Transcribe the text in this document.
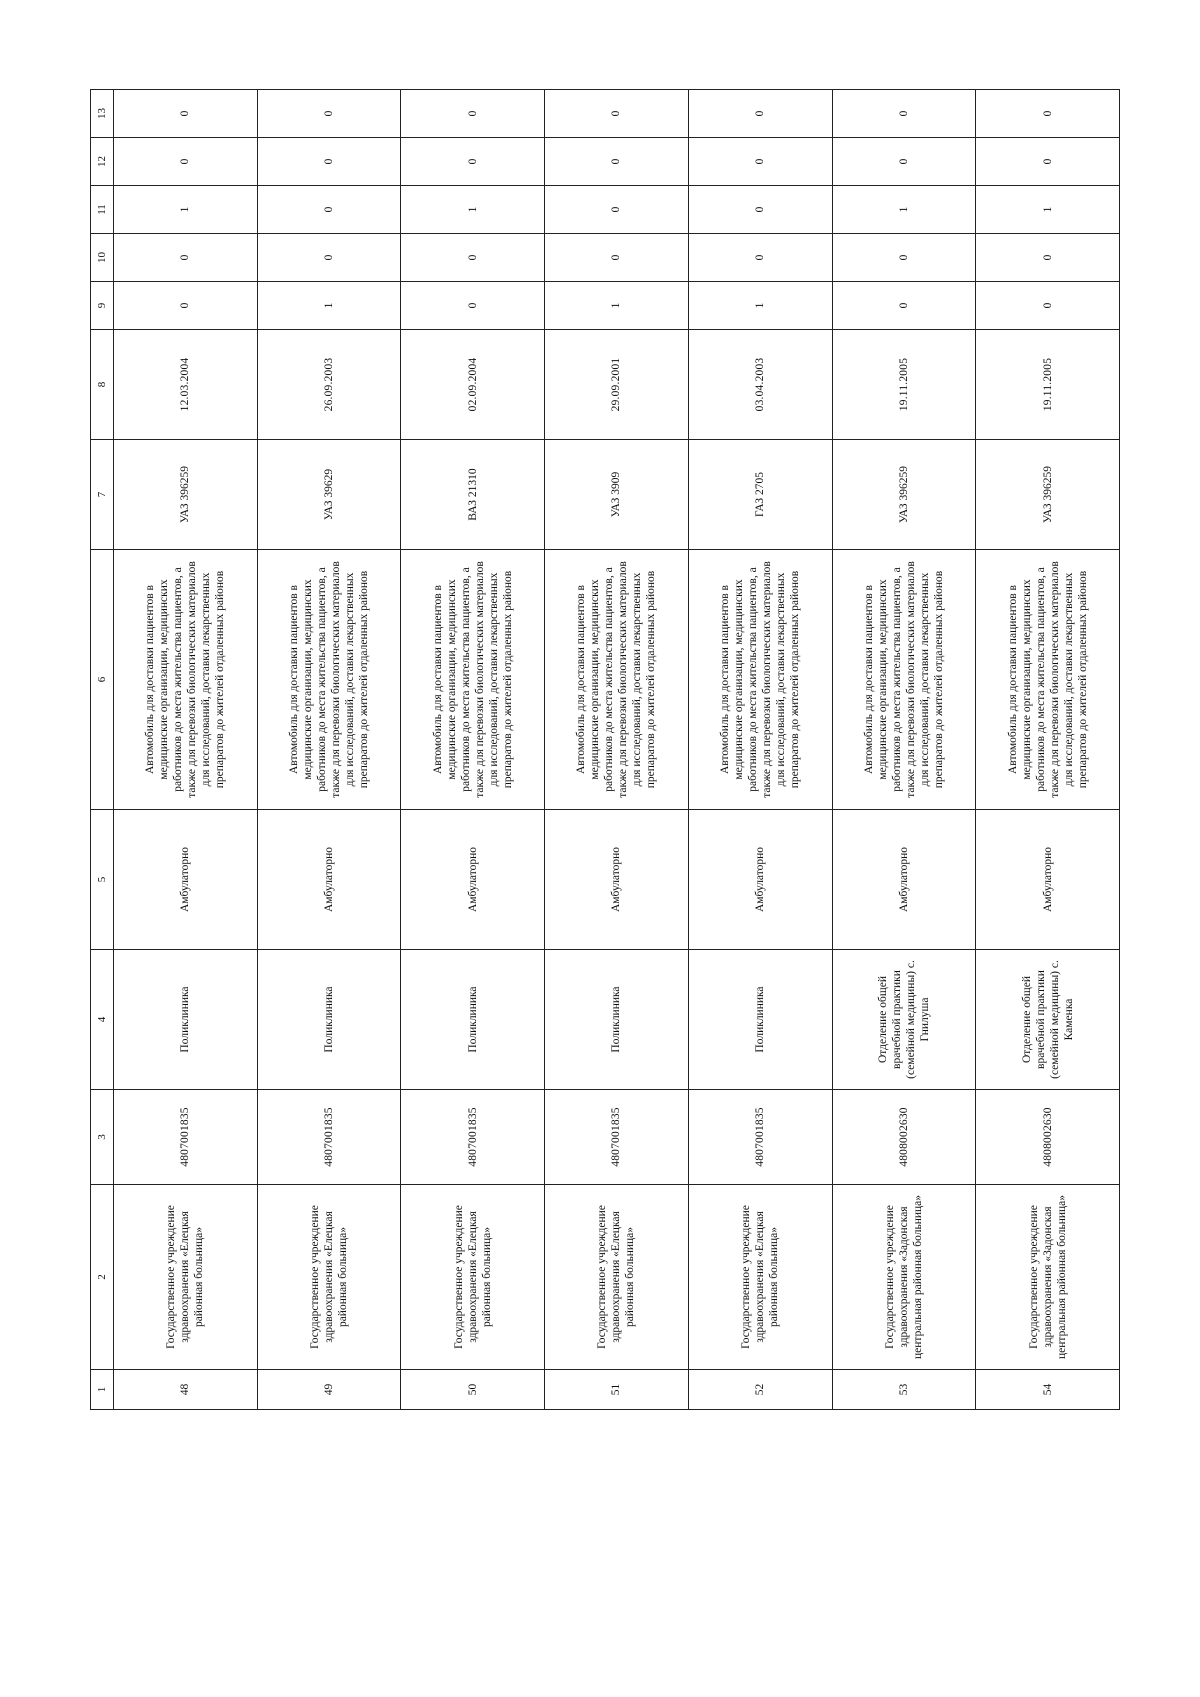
1	2	3	4	5	6	7	8	9	10	11	12	13
48	Государственное учреждение здравоохранения «Елецкая районная больница»	4807001835	Поликлиника	Амбулаторно	Автомобиль для доставки пациентов в медицинские организации, медицинских работников до места жительства пациентов, а также для перевозки биологических материалов для исследований, доставки лекарственных препаратов до жителей отдаленных районов	УАЗ 396259	12.03.2004	0	0	1	0	0
49	Государственное учреждение здравоохранения «Елецкая районная больница»	4807001835	Поликлиника	Амбулаторно	Автомобиль для доставки пациентов в медицинские организации, медицинских работников до места жительства пациентов, а также для перевозки биологических материалов для исследований, доставки лекарственных препаратов до жителей отдаленных районов	УАЗ 39629	26.09.2003	1	0	0	0	0
50	Государственное учреждение здравоохранения «Елецкая районная больница»	4807001835	Поликлиника	Амбулаторно	Автомобиль для доставки пациентов в медицинские организации, медицинских работников до места жительства пациентов, а также для перевозки биологических материалов для исследований, доставки лекарственных препаратов до жителей отдаленных районов	ВАЗ 21310	02.09.2004	0	0	1	0	0
51	Государственное учреждение здравоохранения «Елецкая районная больница»	4807001835	Поликлиника	Амбулаторно	Автомобиль для доставки пациентов в медицинские организации, медицинских работников до места жительства пациентов, а также для перевозки биологических материалов для исследований, доставки лекарственных препаратов до жителей отдаленных районов	УАЗ 3909	29.09.2001	1	0	0	0	0
52	Государственное учреждение здравоохранения «Елецкая районная больница»	4807001835	Поликлиника	Амбулаторно	Автомобиль для доставки пациентов в медицинские организации, медицинских работников до места жительства пациентов, а также для перевозки биологических материалов для исследований, доставки лекарственных препаратов до жителей отдаленных районов	ГАЗ 2705	03.04.2003	1	0	0	0	0
53	Государственное учреждение здравоохранения «Задонская центральная районная больница»	4808002630	Отделение общей врачебной практики (семейной медицины) с. Гнилуша	Амбулаторно	Автомобиль для доставки пациентов в медицинские организации, медицинских работников до места жительства пациентов, а также для перевозки биологических материалов для исследований, доставки лекарственных препаратов до жителей отдаленных районов	УАЗ 396259	19.11.2005	0	0	1	0	0
54	Государственное учреждение здравоохранения «Задонская центральная районная больница»	4808002630	Отделение общей врачебной практики (семейной медицины) с. Каменка	Амбулаторно	Автомобиль для доставки пациентов в медицинские организации, медицинских работников до места жительства пациентов, а также для перевозки биологических материалов для исследований, доставки лекарственных препаратов до жителей отдаленных районов	УАЗ 396259	19.11.2005	0	0	1	0	0
